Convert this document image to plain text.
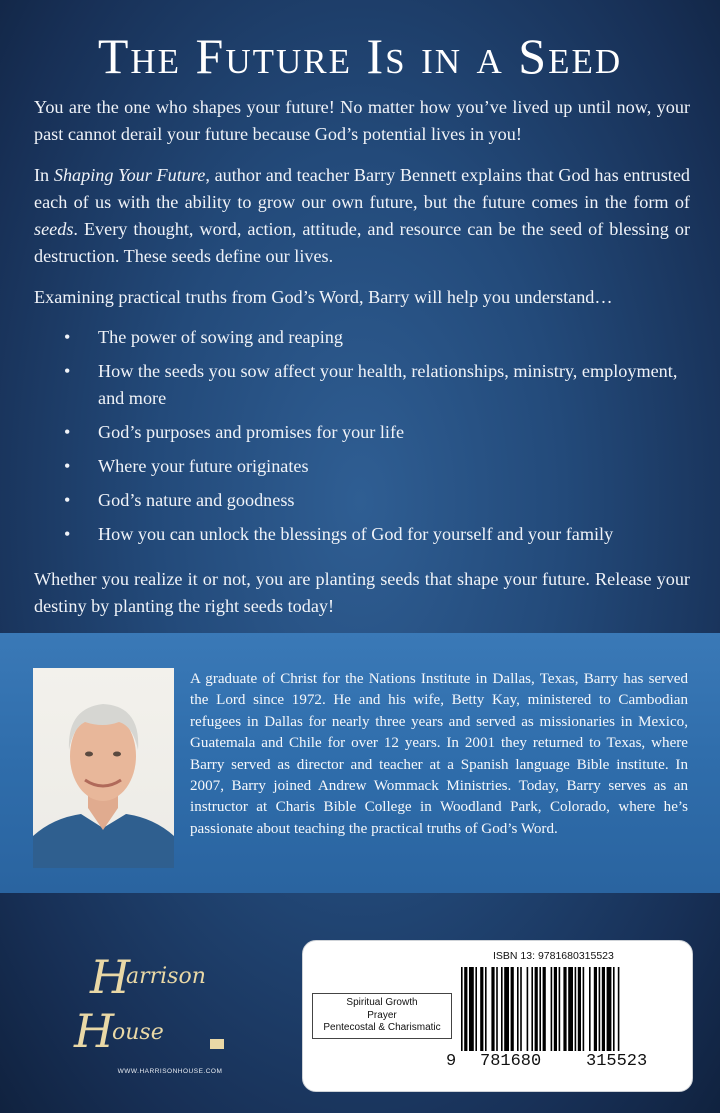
The Future Is in a Seed

You are the one who shapes your future! No matter how you’ve lived up until now, your past cannot derail your future because God’s potential lives in you!

In Shaping Your Future, author and teacher Barry Bennett explains that God has entrusted each of us with the ability to grow our own future, but the future comes in the form of seeds. Every thought, word, action, attitude, and resource can be the seed of blessing or destruction. These seeds define our lives.

Examining practical truths from God’s Word, Barry will help you understand…

• The power of sowing and reaping
• How the seeds you sow affect your health, relationships, ministry, employment, and more
• God’s purposes and promises for your life
• Where your future originates
• God’s nature and goodness
• How you can unlock the blessings of God for yourself and your family

Whether you realize it or not, you are planting seeds that shape your future. Release your destiny by planting the right seeds today!

A graduate of Christ for the Nations Institute in Dallas, Texas, Barry has served the Lord since 1972. He and his wife, Betty Kay, ministered to Cambodian refugees in Dallas for nearly three years and served as missionaries in Mexico, Guatemala and Chile for over 12 years. In 2001 they returned to Texas, where Barry served as director and teacher at a Spanish language Bible institute. In 2007, Barry joined Andrew Wommack Ministries. Today, Barry serves as an instructor at Charis Bible College in Woodland Park, Colorado, where he’s passionate about teaching the practical truths of God’s Word.

H
arrison
H
ouse
WWW.HARRISONHOUSE.COM
Spiritual Growth
Prayer
Pentecostal & Charismatic
ISBN 13: 9781680315523
9 781680	315523
